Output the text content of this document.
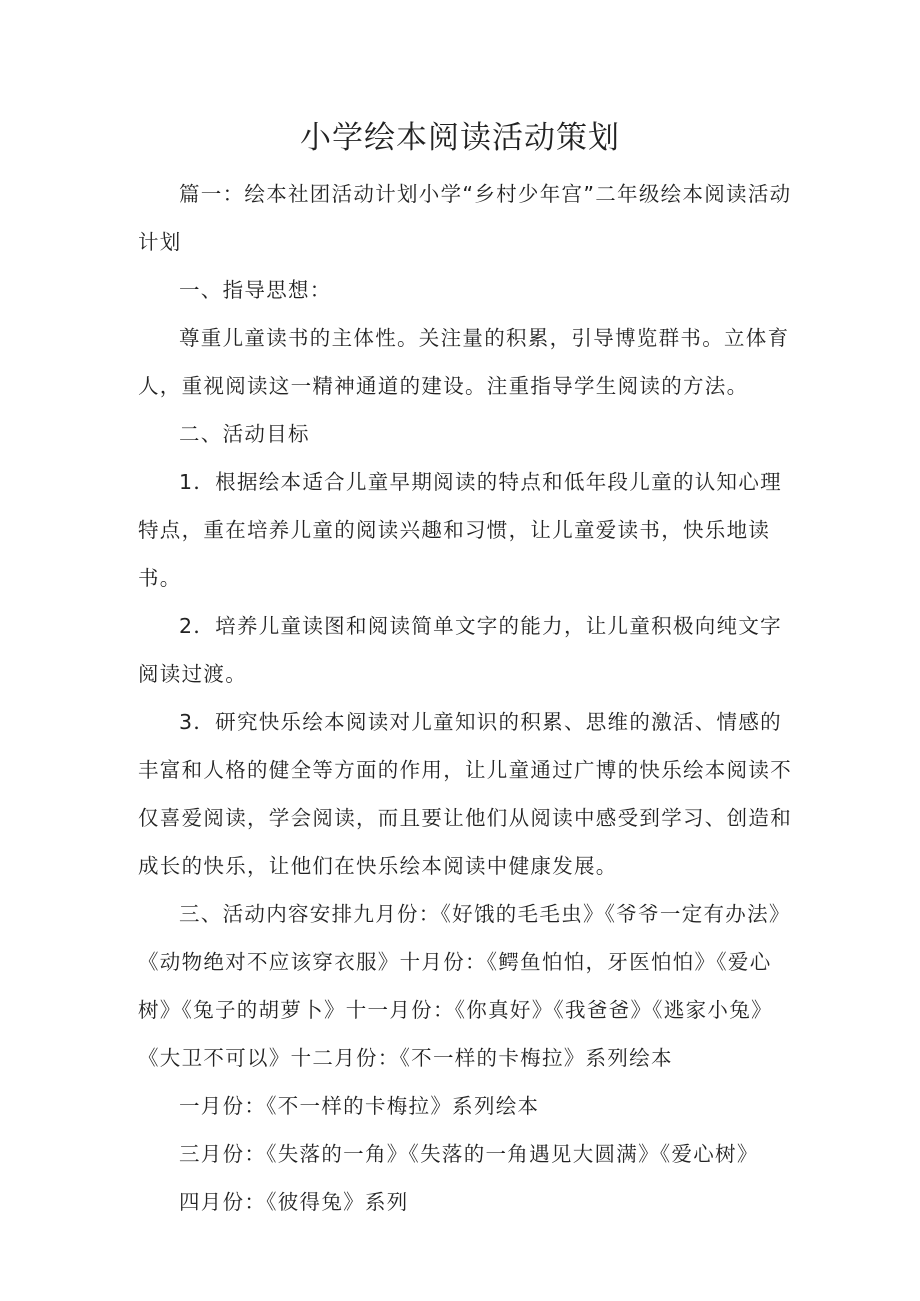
小学绘本阅读活动策划

篇一：绘本社团活动计划小学“乡村少年宫”二年级绘本阅读活动计划

一、指导思想：

尊重儿童读书的主体性。关注量的积累，引导博览群书。立体育人，重视阅读这一精神通道的建设。注重指导学生阅读的方法。

二、活动目标

1．根据绘本适合儿童早期阅读的特点和低年段儿童的认知心理特点，重在培养儿童的阅读兴趣和习惯，让儿童爱读书，快乐地读书。

2．培养儿童读图和阅读简单文字的能力，让儿童积极向纯文字阅读过渡。

3．研究快乐绘本阅读对儿童知识的积累、思维的激活、情感的丰富和人格的健全等方面的作用，让儿童通过广博的快乐绘本阅读不仅喜爱阅读，学会阅读，而且要让他们从阅读中感受到学习、创造和成长的快乐，让他们在快乐绘本阅读中健康发展。

三、活动内容安排九月份：《好饿的毛毛虫》《爷爷一定有办法》《动物绝对不应该穿衣服》十月份：《鳄鱼怕怕，牙医怕怕》《爱心树》《兔子的胡萝卜》十一月份：《你真好》《我爸爸》《逃家小兔》《大卫不可以》十二月份：《不一样的卡梅拉》系列绘本

一月份：《不一样的卡梅拉》系列绘本

三月份：《失落的一角》《失落的一角遇见大圆满》《爱心树》

四月份：《彼得兔》系列
